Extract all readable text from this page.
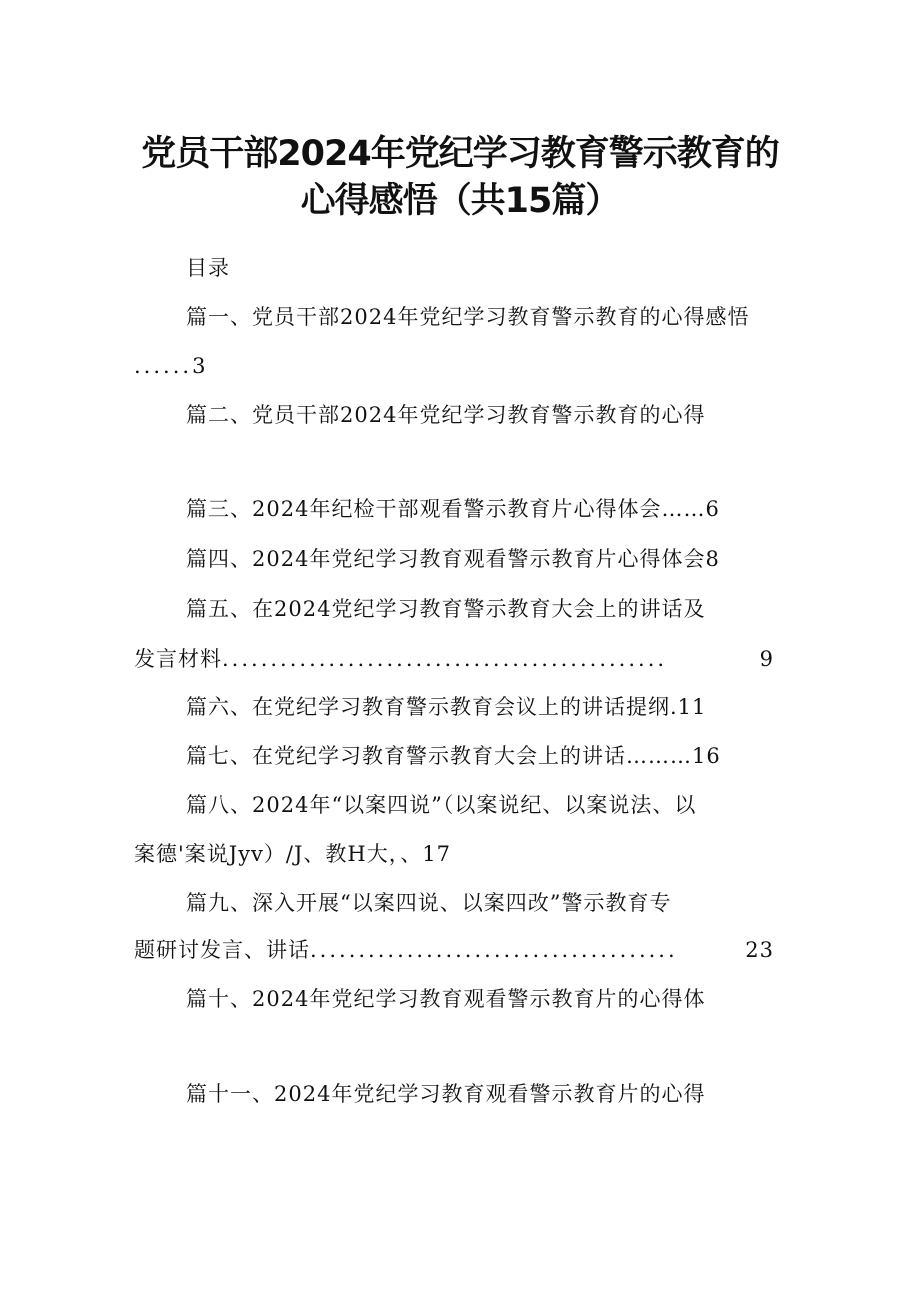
党员干部2024年党纪学习教育警示教育的
心得感悟（共15篇）
目录
篇一、党员干部2024年党纪学习教育警示教育的心得感悟
...... 3
篇二、党员干部2024年党纪学习教育警示教育的心得
篇三、2024年纪检干部观看警示教育片心得体会……6
篇四、2024年党纪学习教育观看警示教育片心得体会8
篇五、在2024党纪学习教育警示教育大会上的讲话及
发言材料 ..............................................	9
篇六、在党纪学习教育警示教育会议上的讲话提纲.11
篇七、在党纪学习教育警示教育大会上的讲话………16
篇八、2024年“以案四说”（以案说纪、以案说法、以
案德'案说Jyv）/J、教H大，、17
篇九、深入开展“以案四说、以案四改”警示教育专
题研讨发言、讲话 ......................................	23
篇十、2024年党纪学习教育观看警示教育片的心得体
篇十一、2024年党纪学习教育观看警示教育片的心得
